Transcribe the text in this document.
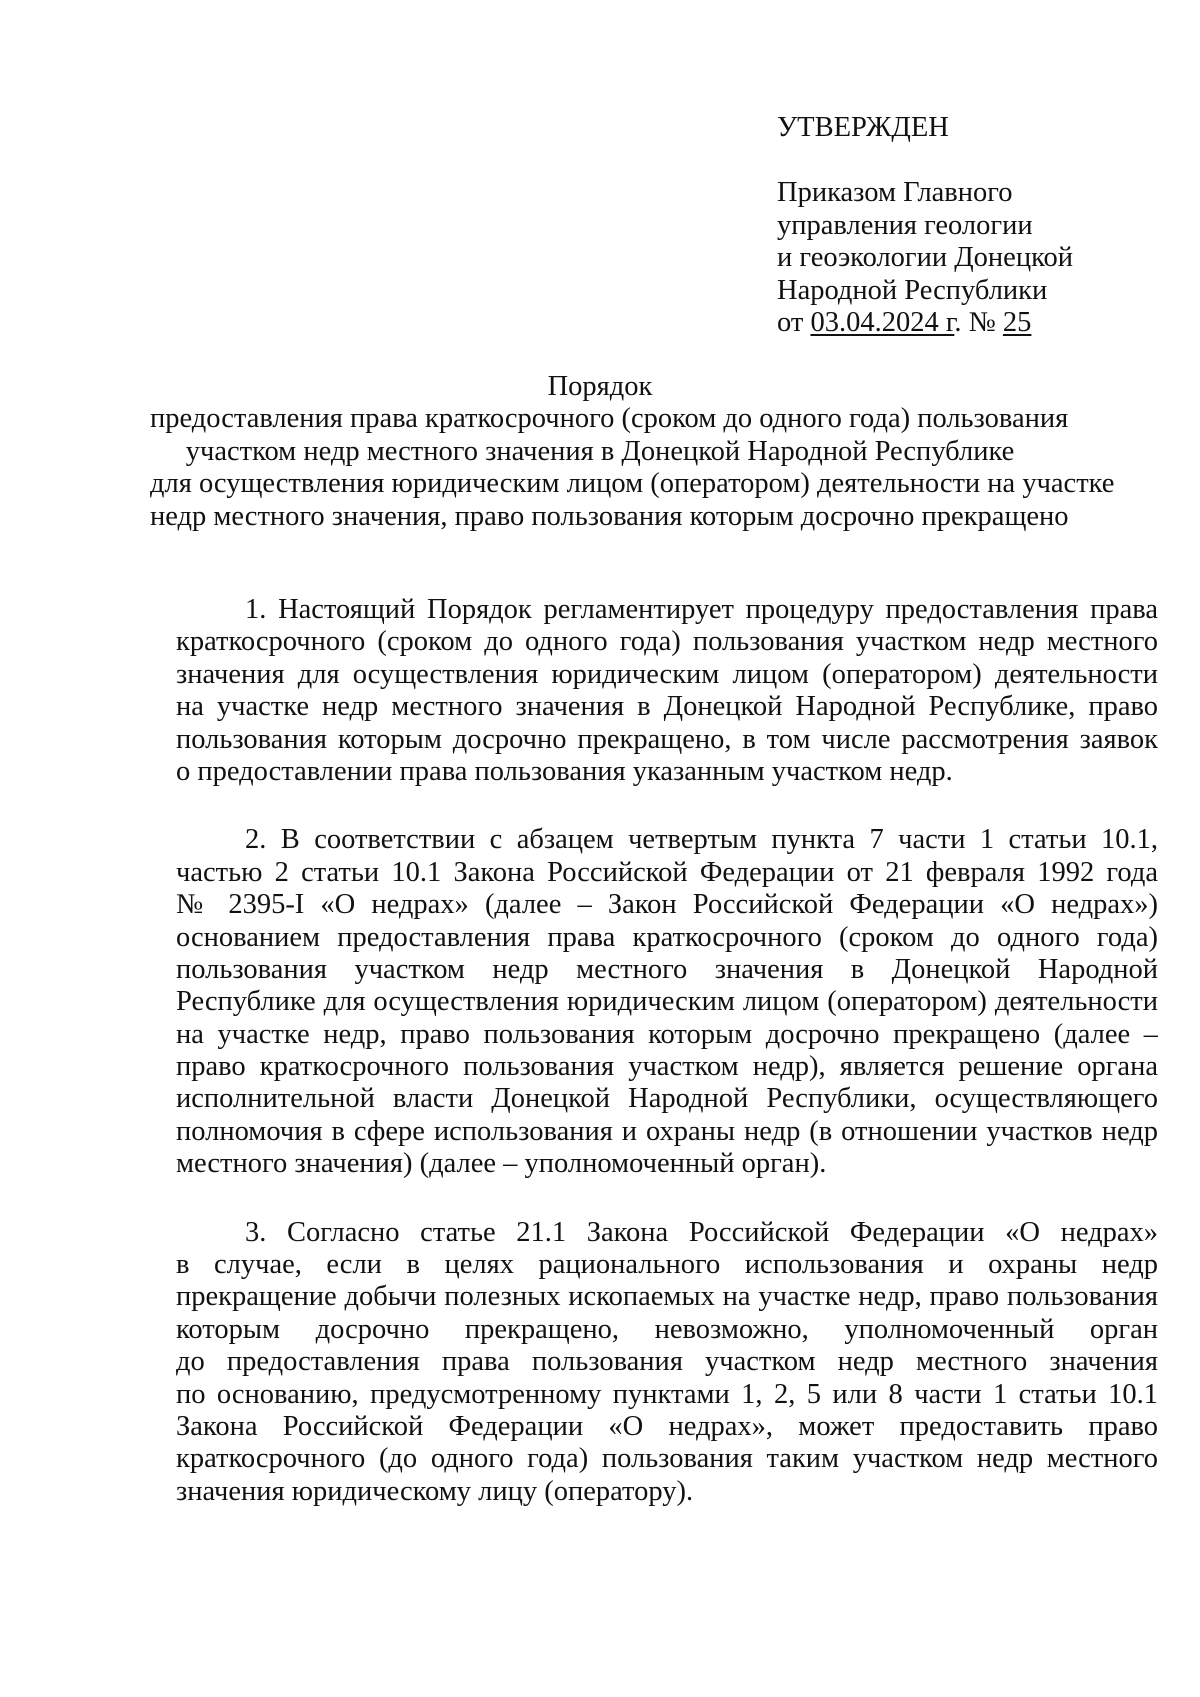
УТВЕРЖДЕН
Приказом Главного
управления геологии
и геоэкологии Донецкой
Народной Республики
от 03.04.2024 г. № 25
Порядок
предоставления права краткосрочного (сроком до одного года) пользования
участком недр местного значения в Донецкой Народной Республике
для осуществления юридическим лицом (оператором) деятельности на участке
недр местного значения, право пользования которым досрочно прекращено
1. Настоящий Порядок регламентирует процедуру предоставления права
краткосрочного (сроком до одного года) пользования участком недр местного
значения для осуществления юридическим лицом (оператором) деятельности
на участке недр местного значения в Донецкой Народной Республике, право
пользования которым досрочно прекращено, в том числе рассмотрения заявок
о предоставлении права пользования указанным участком недр.
2. В соответствии с абзацем четвертым пункта 7 части 1 статьи 10.1,
частью 2 статьи 10.1 Закона Российской Федерации от 21 февраля 1992 года
№ 2395-I «О недрах» (далее – Закон Российской Федерации «О недрах»)
основанием предоставления права краткосрочного (сроком до одного года)
пользования участком недр местного значения в Донецкой Народной
Республике для осуществления юридическим лицом (оператором) деятельности
на участке недр, право пользования которым досрочно прекращено (далее –
право краткосрочного пользования участком недр), является решение органа
исполнительной власти Донецкой Народной Республики, осуществляющего
полномочия в сфере использования и охраны недр (в отношении участков недр
местного значения) (далее – уполномоченный орган).
3. Согласно статье 21.1 Закона Российской Федерации «О недрах»
в случае, если в целях рационального использования и охраны недр
прекращение добычи полезных ископаемых на участке недр, право пользования
которым досрочно прекращено, невозможно, уполномоченный орган
до предоставления права пользования участком недр местного значения
по основанию, предусмотренному пунктами 1, 2, 5 или 8 части 1 статьи 10.1
Закона Российской Федерации «О недрах», может предоставить право
краткосрочного (до одного года) пользования таким участком недр местного
значения юридическому лицу (оператору).
